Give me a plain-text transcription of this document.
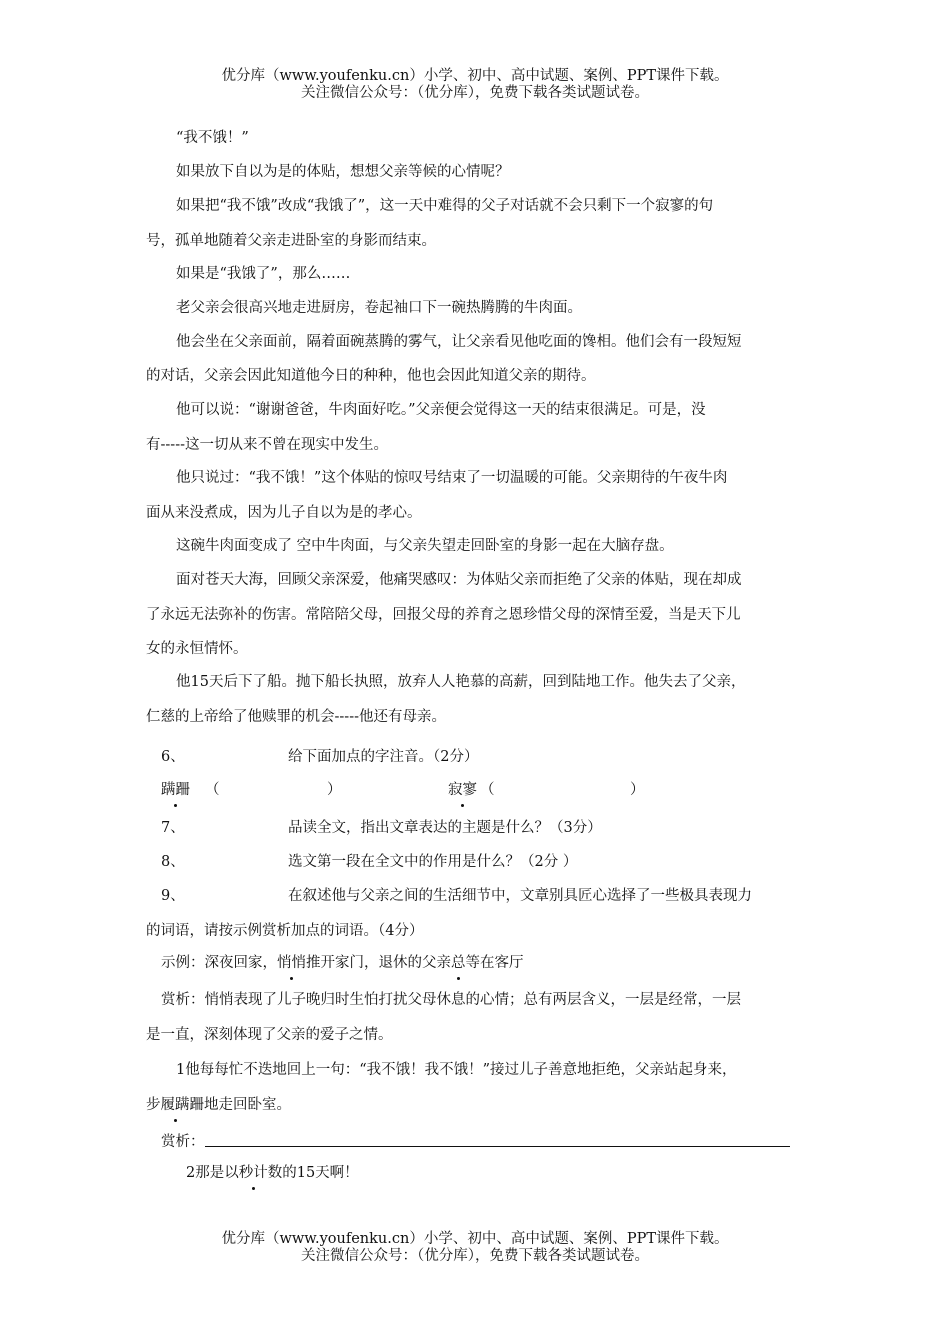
优分库（www.youfenku.cn）小学、初中、高中试题、案例、PPT课件下载。
关注微信公众号：（优分库），免费下载各类试题试卷。
“我不饿！”
如果放下自以为是的体贴，想想父亲等候的心情呢？
如果把“我不饿”改成“我饿了”，这一天中难得的父子对话就不会只剩下一个寂寥的句
号，孤单地随着父亲走进卧室的身影而结束。
如果是“我饿了”，那么……
老父亲会很高兴地走进厨房，卷起袖口下一碗热腾腾的牛肉面。
他会坐在父亲面前，隔着面碗蒸腾的雾气，让父亲看见他吃面的馋相。他们会有一段短短
的对话，父亲会因此知道他今日的种种，他也会因此知道父亲的期待。
他可以说：“谢谢爸爸，牛肉面好吃。”父亲便会觉得这一天的结束很满足。可是，没
有-----这一切从来不曾在现实中发生。
他只说过：“我不饿！”这个体贴的惊叹号结束了一切温暖的可能。父亲期待的午夜牛肉
面从来没煮成，因为儿子自以为是的孝心。
这碗牛肉面变成了 空中牛肉面，与父亲失望走回卧室的身影一起在大脑存盘。
面对苍天大海，回顾父亲深爱，他痛哭感叹：为体贴父亲而拒绝了父亲的体贴，现在却成
了永远无法弥补的伤害。常陪陪父母，回报父母的养育之恩珍惜父母的深情至爱，当是天下儿
女的永恒情怀。
他15天后下了船。抛下船长执照，放弃人人艳慕的高薪，回到陆地工作。他失去了父亲，
仁慈的上帝给了他赎罪的机会-----他还有母亲。
6、	给下面加点的字注音。（2分）
蹒跚 （	）	寂寥 （	）
7、	品读全文，指出文章表达的主题是什么？（3分）
8、	选文第一段在全文中的作用是什么？（2分 ）
9、	在叙述他与父亲之间的生活细节中，文章别具匠心选择了一些极具表现力
的词语，请按示例赏析加点的词语。（4分）
示例：深夜回家，悄悄推开家门，退休的父亲总等在客厅
赏析：悄悄表现了儿子晚归时生怕打扰父母休息的心情；总有两层含义，一层是经常，一层
是一直，深刻体现了父亲的爱子之情。
1他每每忙不迭地回上一句：“我不饿！我不饿！”接过儿子善意地拒绝，父亲站起身来，
步履蹒跚地走回卧室。
赏析：
2那是以秒计数的15天啊！
优分库（www.youfenku.cn）小学、初中、高中试题、案例、PPT课件下载。
关注微信公众号：（优分库），免费下载各类试题试卷。
